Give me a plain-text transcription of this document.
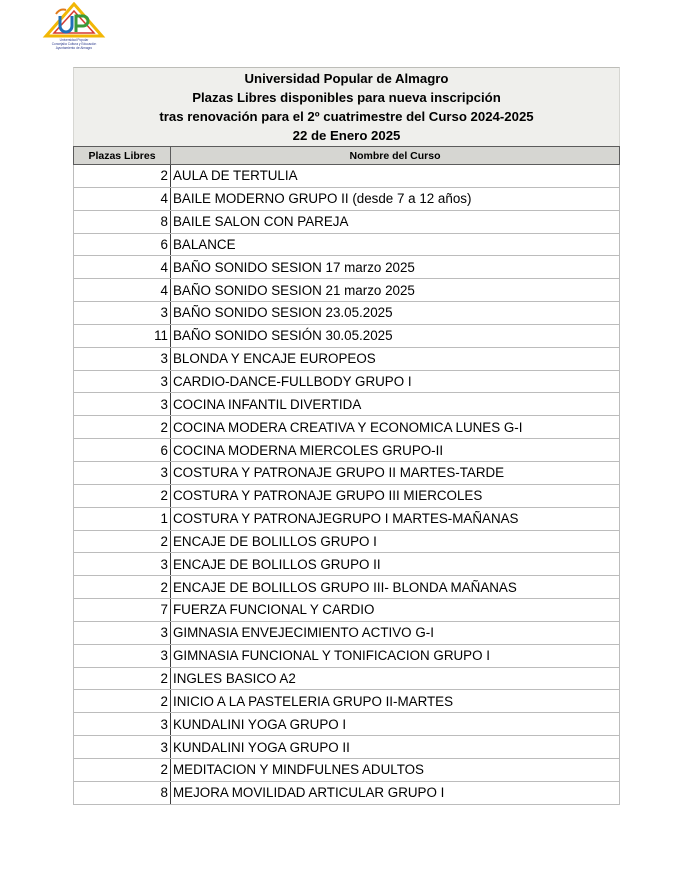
Universidad Popular
Concejalía Cultura y Educación
Ayuntamiento de Almagro
Universidad Popular de Almagro
Plazas Libres disponibles para nueva inscripción
tras renovación para el 2º cuatrimestre del Curso 2024-2025
22 de Enero 2025
Plazas Libres	Nombre del Curso
2	AULA DE TERTULIA
4	BAILE MODERNO GRUPO II (desde 7 a 12 años)
8	BAILE SALON CON PAREJA
6	BALANCE
4	BAÑO SONIDO SESION 17 marzo 2025
4	BAÑO SONIDO SESION 21 marzo 2025
3	BAÑO SONIDO SESION 23.05.2025
11	BAÑO SONIDO SESIÓN 30.05.2025
3	BLONDA Y ENCAJE EUROPEOS
3	CARDIO-DANCE-FULLBODY GRUPO I
3	COCINA INFANTIL DIVERTIDA
2	COCINA MODERA CREATIVA Y ECONOMICA LUNES G-I
6	COCINA MODERNA MIERCOLES GRUPO-II
3	COSTURA Y PATRONAJE GRUPO II MARTES-TARDE
2	COSTURA Y PATRONAJE GRUPO III MIERCOLES
1	COSTURA Y PATRONAJEGRUPO I MARTES-MAÑANAS
2	ENCAJE DE BOLILLOS GRUPO I
3	ENCAJE DE BOLILLOS GRUPO II
2	ENCAJE DE BOLILLOS GRUPO III- BLONDA MAÑANAS
7	FUERZA FUNCIONAL Y CARDIO
3	GIMNASIA ENVEJECIMIENTO ACTIVO G-I
3	GIMNASIA FUNCIONAL Y TONIFICACION GRUPO I
2	INGLES BASICO A2
2	INICIO A LA PASTELERIA GRUPO II-MARTES
3	KUNDALINI YOGA GRUPO I
3	KUNDALINI YOGA GRUPO II
2	MEDITACION Y MINDFULNES ADULTOS
8	MEJORA MOVILIDAD ARTICULAR GRUPO I
